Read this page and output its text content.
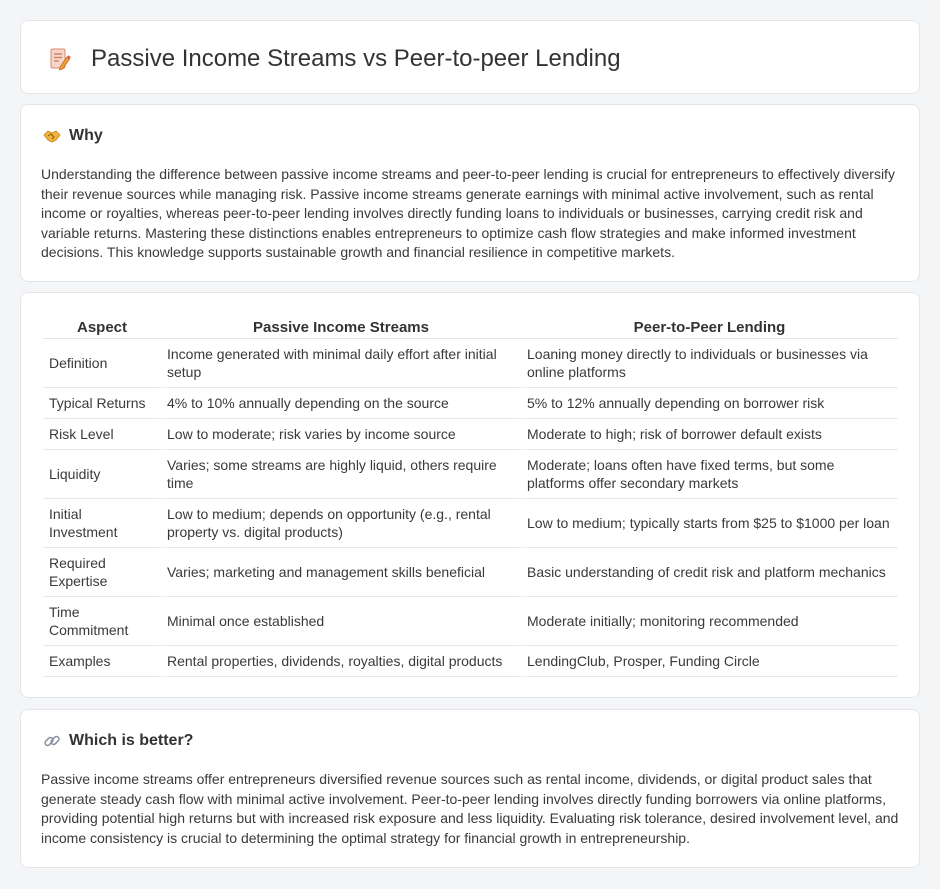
Passive Income Streams vs Peer-to-peer Lending
Why

Understanding the difference between passive income streams and peer-to-peer lending is crucial for entrepreneurs to effectively diversify their revenue sources while managing risk. Passive income streams generate earnings with minimal active involvement, such as rental income or royalties, whereas peer-to-peer lending involves directly funding loans to individuals or businesses, carrying credit risk and variable returns. Mastering these distinctions enables entrepreneurs to optimize cash flow strategies and make informed investment decisions. This knowledge supports sustainable growth and financial resilience in competitive markets.

Aspect	Passive Income Streams	Peer-to-Peer Lending
Definition	Income generated with minimal daily effort after initial setup	Loaning money directly to individuals or businesses via online platforms
Typical Returns	4% to 10% annually depending on the source	5% to 12% annually depending on borrower risk
Risk Level	Low to moderate; risk varies by income source	Moderate to high; risk of borrower default exists
Liquidity	Varies; some streams are highly liquid, others require time	Moderate; loans often have fixed terms, but some platforms offer secondary markets
Initial Investment	Low to medium; depends on opportunity (e.g., rental property vs. digital products)	Low to medium; typically starts from $25 to $1000 per loan
Required Expertise	Varies; marketing and management skills beneficial	Basic understanding of credit risk and platform mechanics
Time Commitment	Minimal once established	Moderate initially; monitoring recommended
Examples	Rental properties, dividends, royalties, digital products	LendingClub, Prosper, Funding Circle
Which is better?

Passive income streams offer entrepreneurs diversified revenue sources such as rental income, dividends, or digital product sales that generate steady cash flow with minimal active involvement. Peer-to-peer lending involves directly funding borrowers via online platforms, providing potential high returns but with increased risk exposure and less liquidity. Evaluating risk tolerance, desired involvement level, and income consistency is crucial to determining the optimal strategy for financial growth in entrepreneurship.
